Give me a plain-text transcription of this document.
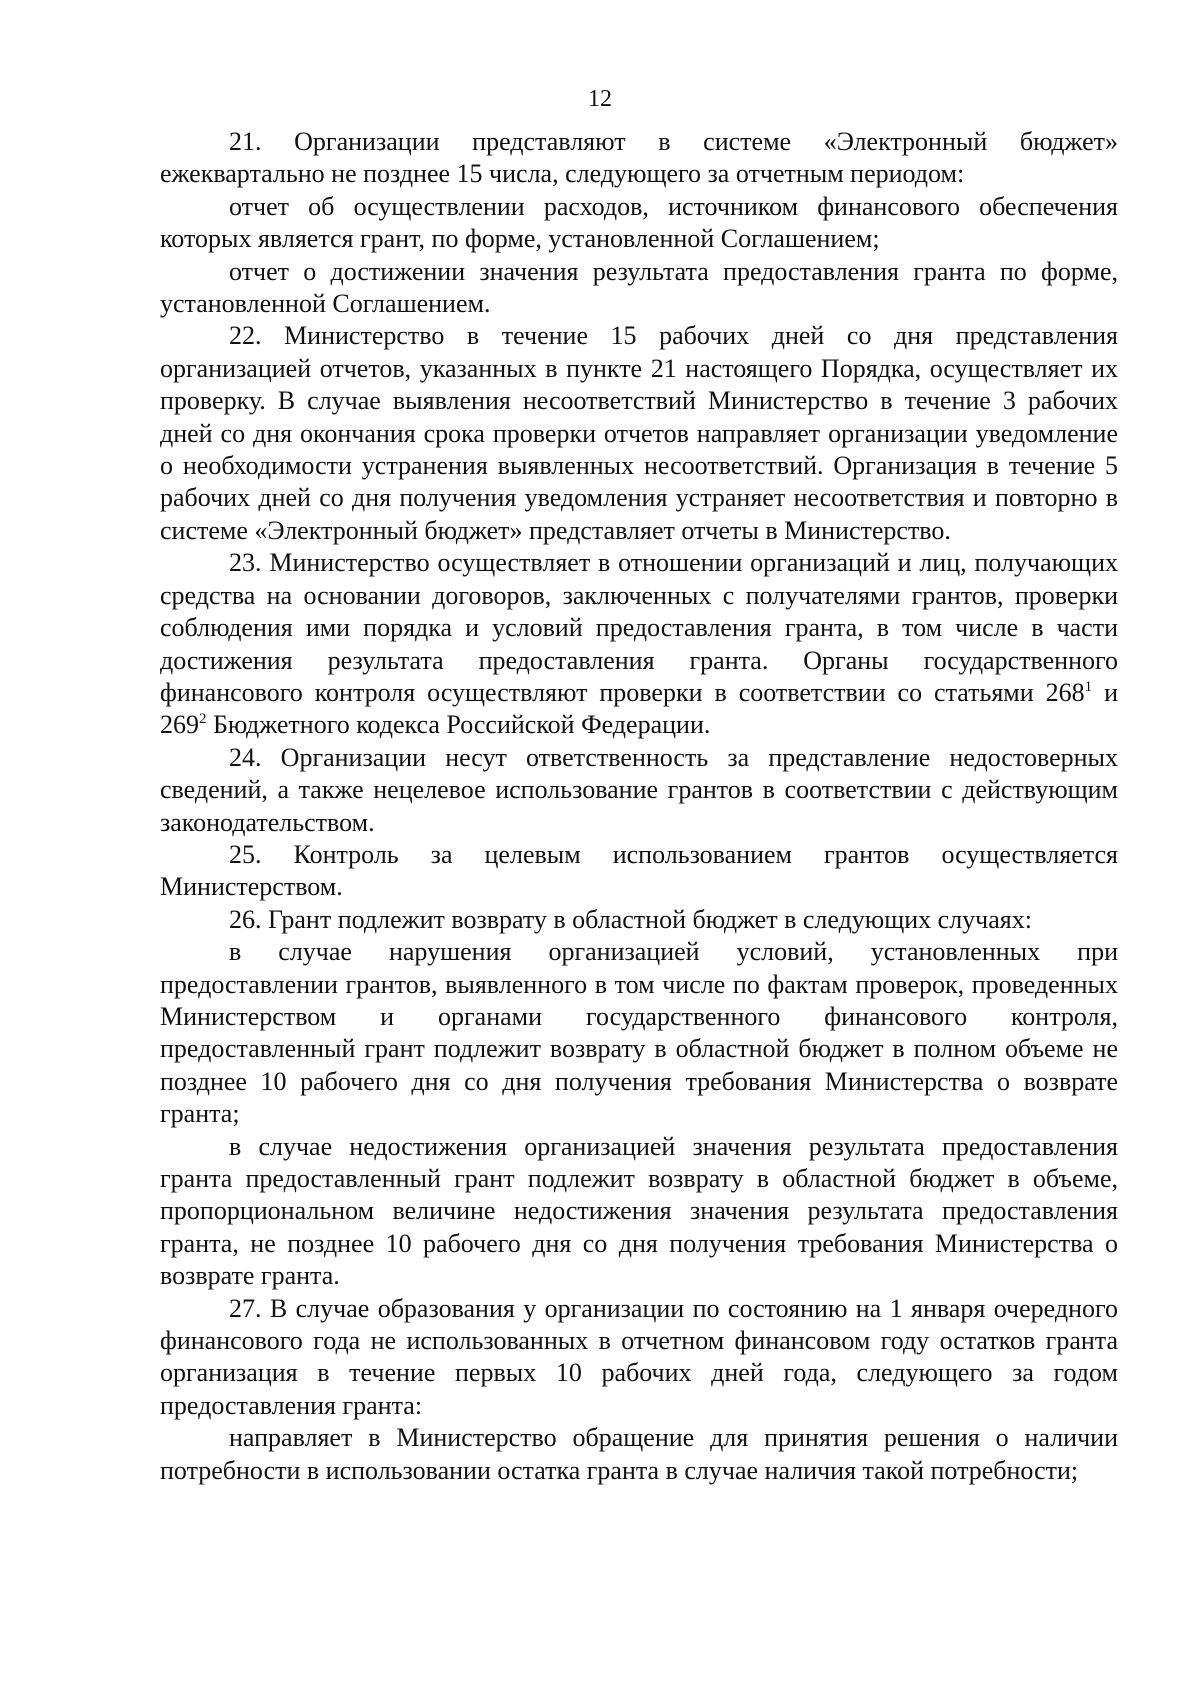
12

21. Организации представляют в системе «Электронный бюджет» ежеквартально не позднее 15 числа, следующего за отчетным периодом:

отчет об осуществлении расходов, источником финансового обеспечения которых является грант, по форме, установленной Соглашением;

отчет о достижении значения результата предоставления гранта по форме, установленной Соглашением.

22. Министерство в течение 15 рабочих дней со дня представления организацией отчетов, указанных в пункте 21 настоящего Порядка, осуществляет их проверку. В случае выявления несоответствий Министерство в течение 3 рабочих дней со дня окончания срока проверки отчетов направляет организации уведомление о необходимости устранения выявленных несоответствий. Организация в течение 5 рабочих дней со дня получения уведомления устраняет несоответствия и повторно в системе «Электронный бюджет» представляет отчеты в Министерство.

23. Министерство осуществляет в отношении организаций и лиц, получающих средства на основании договоров, заключенных с получателями грантов, проверки соблюдения ими порядка и условий предоставления гранта, в том числе в части достижения результата предоставления гранта. Органы государственного финансового контроля осуществляют проверки в соответствии со статьями $268^1$ и $269^2$ Бюджетного кодекса Российской Федерации.

24. Организации несут ответственность за представление недостоверных сведений, а также нецелевое использование грантов в соответствии с действующим законодательством.

25. Контроль за целевым использованием грантов осуществляется Министерством.

26. Грант подлежит возврату в областной бюджет в следующих случаях:

в случае нарушения организацией условий, установленных при предоставлении грантов, выявленного в том числе по фактам проверок, проведенных Министерством и органами государственного финансового контроля, предоставленный грант подлежит возврату в областной бюджет в полном объеме не позднее 10 рабочего дня со дня получения требования Министерства о возврате гранта;

в случае недостижения организацией значения результата предоставления гранта предоставленный грант подлежит возврату в областной бюджет в объеме, пропорциональном величине недостижения значения результата предоставления гранта, не позднее 10 рабочего дня со дня получения требования Министерства о возврате гранта.

27. В случае образования у организации по состоянию на 1 января очередного финансового года не использованных в отчетном финансовом году остатков гранта организация в течение первых 10 рабочих дней года, следующего за годом предоставления гранта:

направляет в Министерство обращение для принятия решения о наличии потребности в использовании остатка гранта в случае наличия такой потребности;
